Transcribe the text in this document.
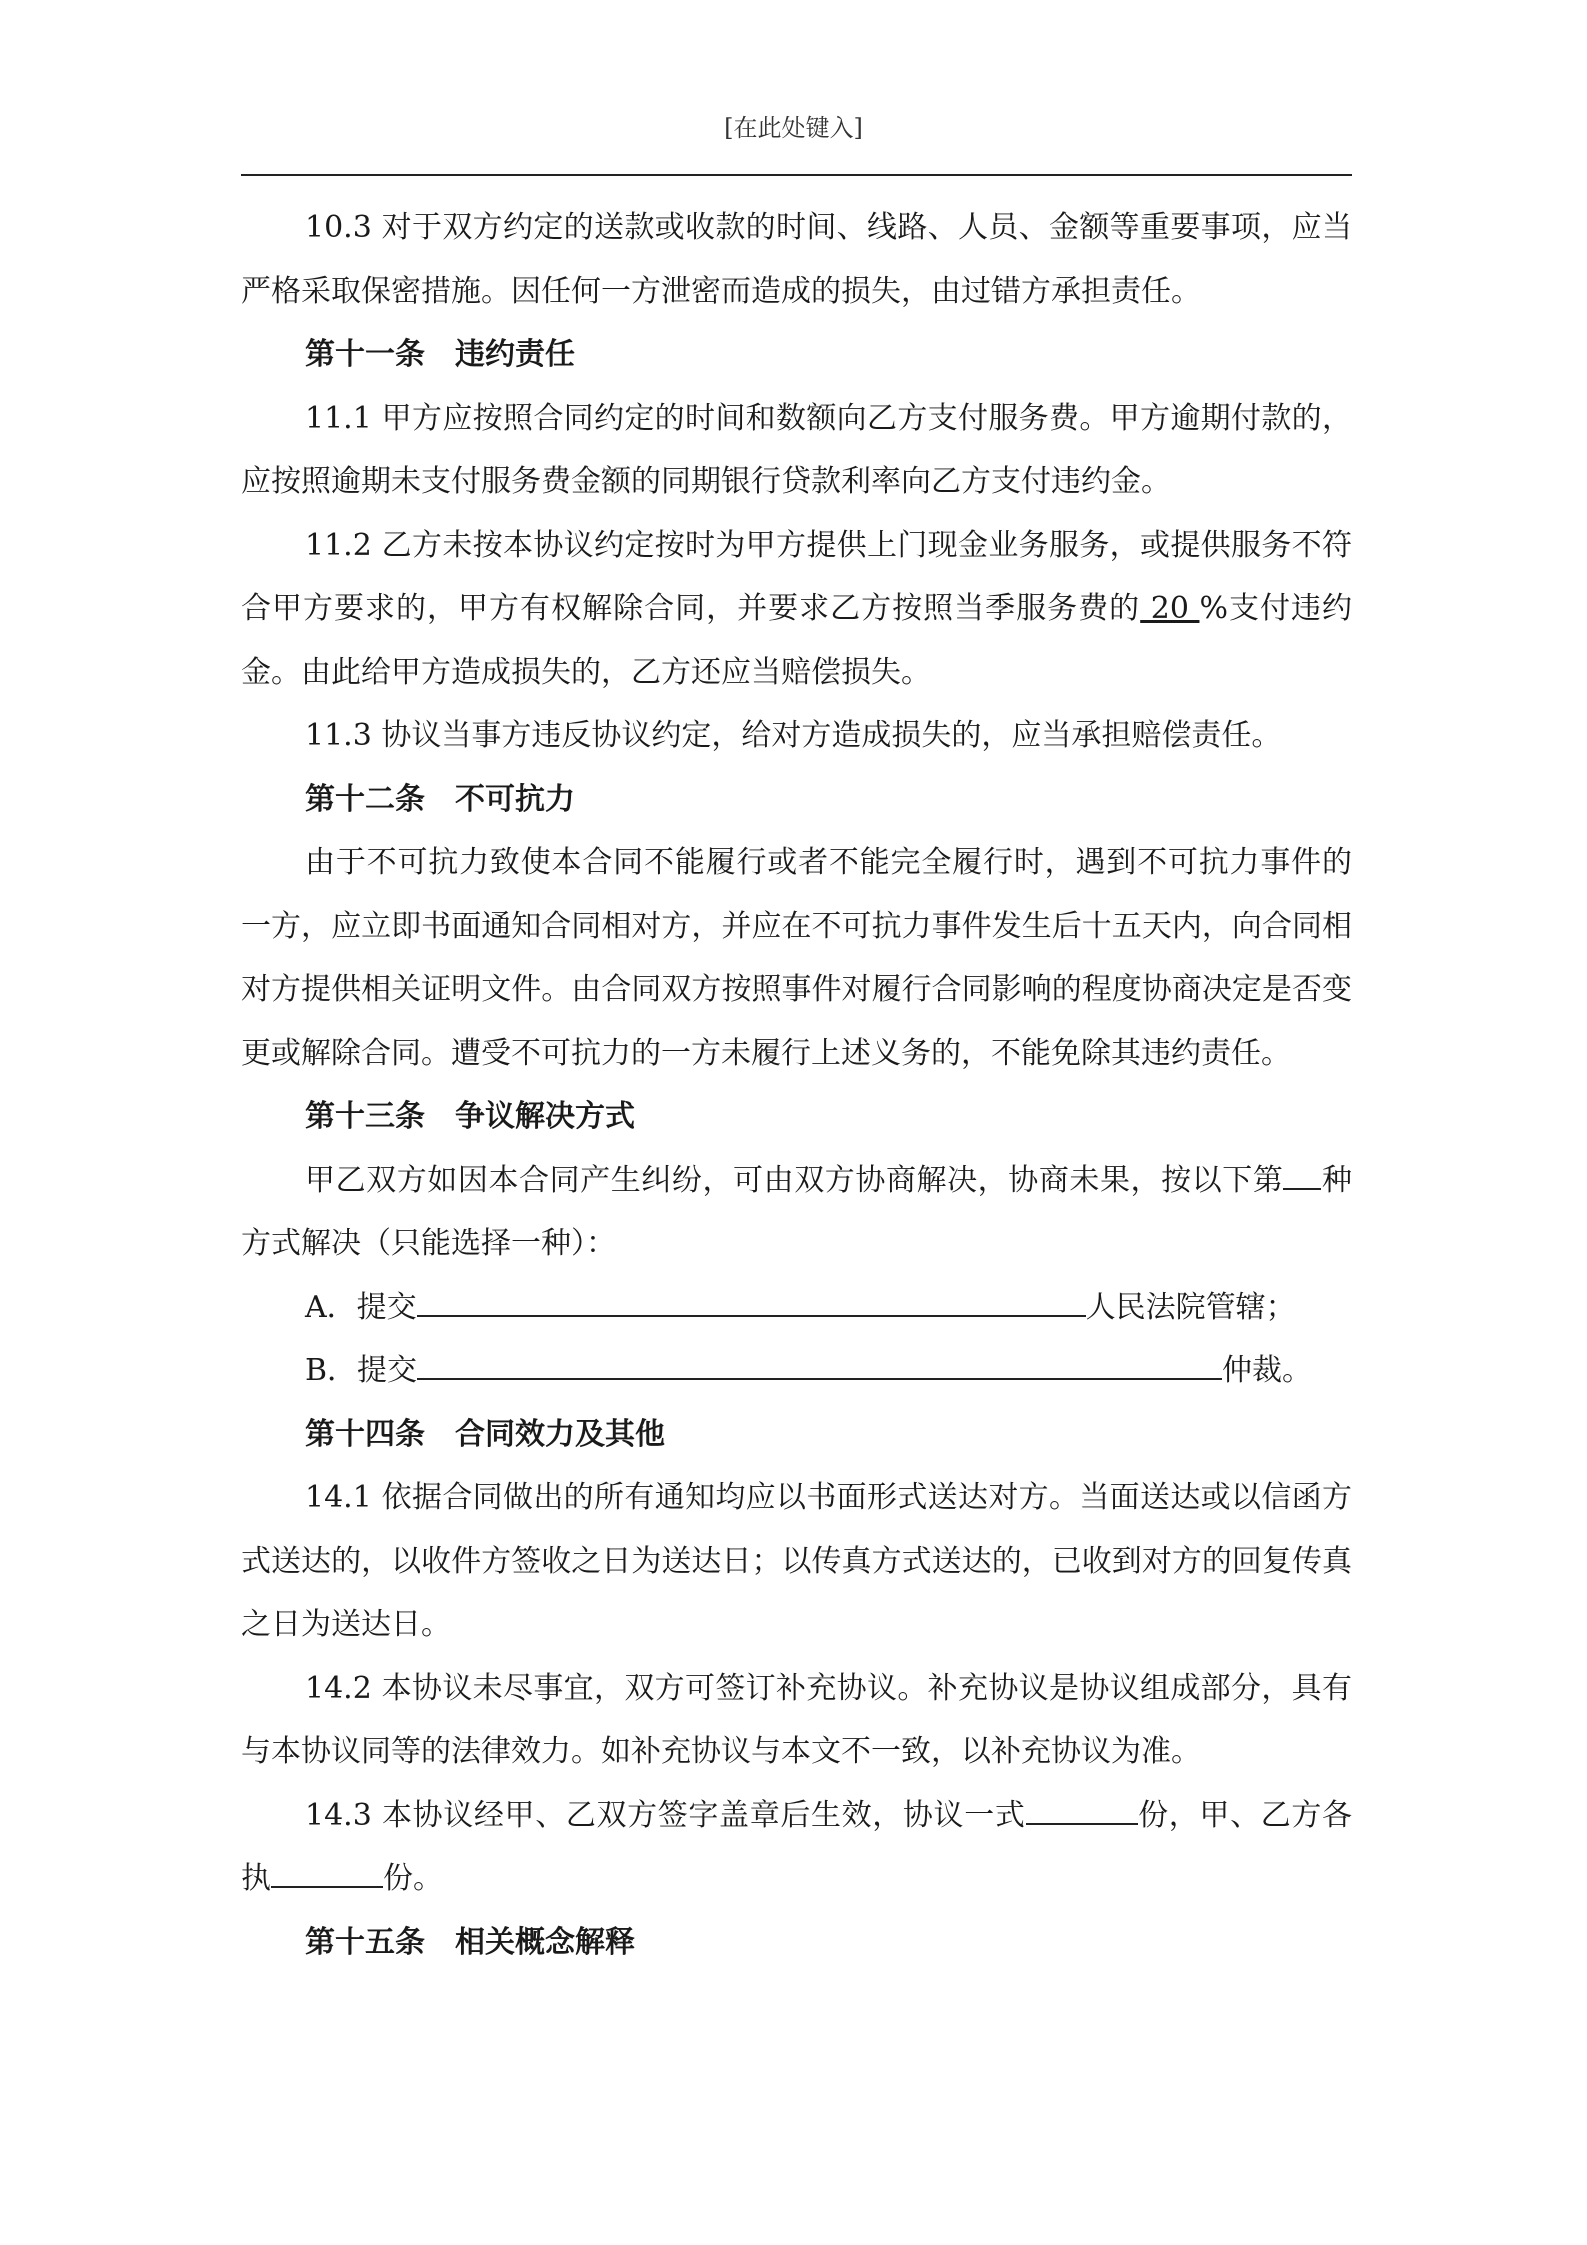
[在此处键入]

10.3 对于双方约定的送款或收款的时间、线路、人员、金额等重要事项，应当严格采取保密措施。因任何一方泄密而造成的损失，由过错方承担责任。

第十一条　违约责任

11.1 甲方应按照合同约定的时间和数额向乙方支付服务费。甲方逾期付款的，应按照逾期未支付服务费金额的同期银行贷款利率向乙方支付违约金。

11.2 乙方未按本协议约定按时为甲方提供上门现金业务服务，或提供服务不符合甲方要求的，甲方有权解除合同，并要求乙方按照当季服务费的 20 %支付违约金。由此给甲方造成损失的，乙方还应当赔偿损失。

11.3 协议当事方违反协议约定，给对方造成损失的，应当承担赔偿责任。

第十二条　不可抗力

由于不可抗力致使本合同不能履行或者不能完全履行时，遇到不可抗力事件的一方，应立即书面通知合同相对方，并应在不可抗力事件发生后十五天内，向合同相对方提供相关证明文件。由合同双方按照事件对履行合同影响的程度协商决定是否变更或解除合同。遭受不可抗力的一方未履行上述义务的，不能免除其违约责任。

第十三条　争议解决方式

甲乙双方如因本合同产生纠纷，可由双方协商解决，协商未果，按以下第 种方式解决（只能选择一种）：

A．提交	人民法院管辖；

B．提交	仲裁。

第十四条　合同效力及其他

14.1 依据合同做出的所有通知均应以书面形式送达对方。当面送达或以信函方式送达的，以收件方签收之日为送达日；以传真方式送达的，已收到对方的回复传真之日为送达日。

14.2 本协议未尽事宜，双方可签订补充协议。补充协议是协议组成部分，具有与本协议同等的法律效力。如补充协议与本文不一致，以补充协议为准。

14.3 本协议经甲、乙双方签字盖章后生效，协议一式	份，甲、乙方各执	份。

第十五条　相关概念解释
